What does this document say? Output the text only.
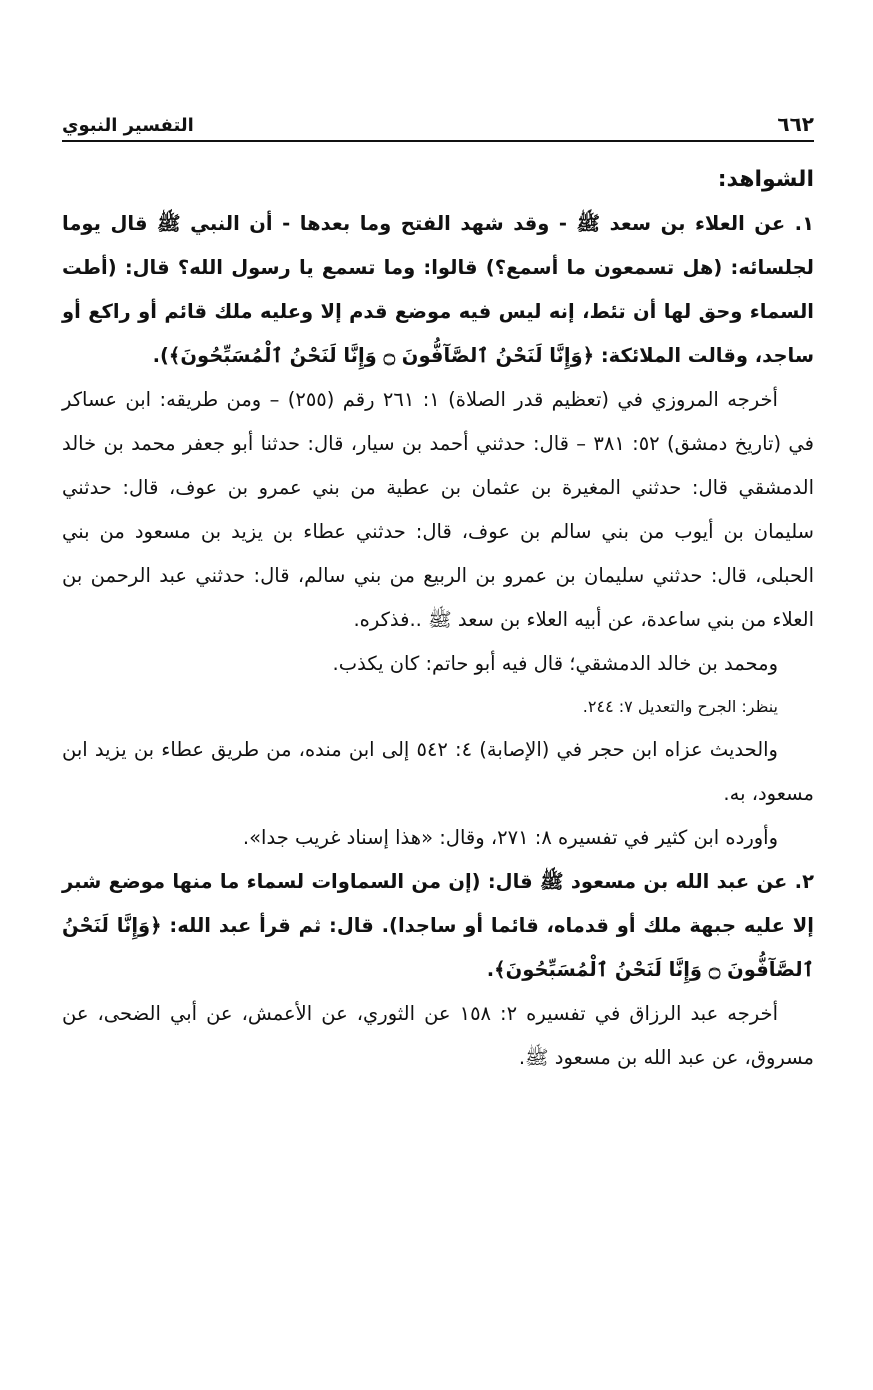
٦٦٢
التفسير النبوي

الشواهد:

١. عن العلاء بن سعد ﷺ - وقد شهد الفتح وما بعدها - أن النبي ﷺ قال يوما لجلسائه: (هل تسمعون ما أسمع؟) قالوا: وما تسمع يا رسول الله؟ قال: (أطت السماء وحق لها أن تئط، إنه ليس فيه موضع قدم إلا وعليه ملك قائم أو راكع أو ساجد، وقالت الملائكة: ﴿وَإِنَّا لَنَحْنُ ٱلصَّآفُّونَ ۝ وَإِنَّا لَنَحْنُ ٱلْمُسَبِّحُونَ﴾).

أخرجه المروزي في (تعظيم قدر الصلاة) ١: ٢٦١ رقم (٢٥٥) – ومن طريقه: ابن عساكر في (تاريخ دمشق) ٥٢: ٣٨١ – قال: حدثني أحمد بن سيار، قال: حدثنا أبو جعفر محمد بن خالد الدمشقي قال: حدثني المغيرة بن عثمان بن عطية من بني عمرو بن عوف، قال: حدثني سليمان بن أيوب من بني سالم بن عوف، قال: حدثني عطاء بن يزيد بن مسعود من بني الحبلى، قال: حدثني سليمان بن عمرو بن الربيع من بني سالم، قال: حدثني عبد الرحمن بن العلاء من بني ساعدة، عن أبيه العلاء بن سعد ﷺ ..فذكره.

ومحمد بن خالد الدمشقي؛ قال فيه أبو حاتم: كان يكذب.

ينظر: الجرح والتعديل ٧: ٢٤٤.

والحديث عزاه ابن حجر في (الإصابة) ٤: ٥٤٢ إلى ابن منده، من طريق عطاء بن يزيد ابن مسعود، به.

وأورده ابن كثير في تفسيره ٨: ٢٧١، وقال: «هذا إسناد غريب جدا».

٢. عن عبد الله بن مسعود ﷺ قال: (إن من السماوات لسماء ما منها موضع شبر إلا عليه جبهة ملك أو قدماه، قائما أو ساجدا). قال: ثم قرأ عبد الله: ﴿وَإِنَّا لَنَحْنُ ٱلصَّآفُّونَ ۝ وَإِنَّا لَنَحْنُ ٱلْمُسَبِّحُونَ﴾.

أخرجه عبد الرزاق في تفسيره ٢: ١٥٨ عن الثوري، عن الأعمش، عن أبي الضحى، عن مسروق، عن عبد الله بن مسعود ﷺ.
